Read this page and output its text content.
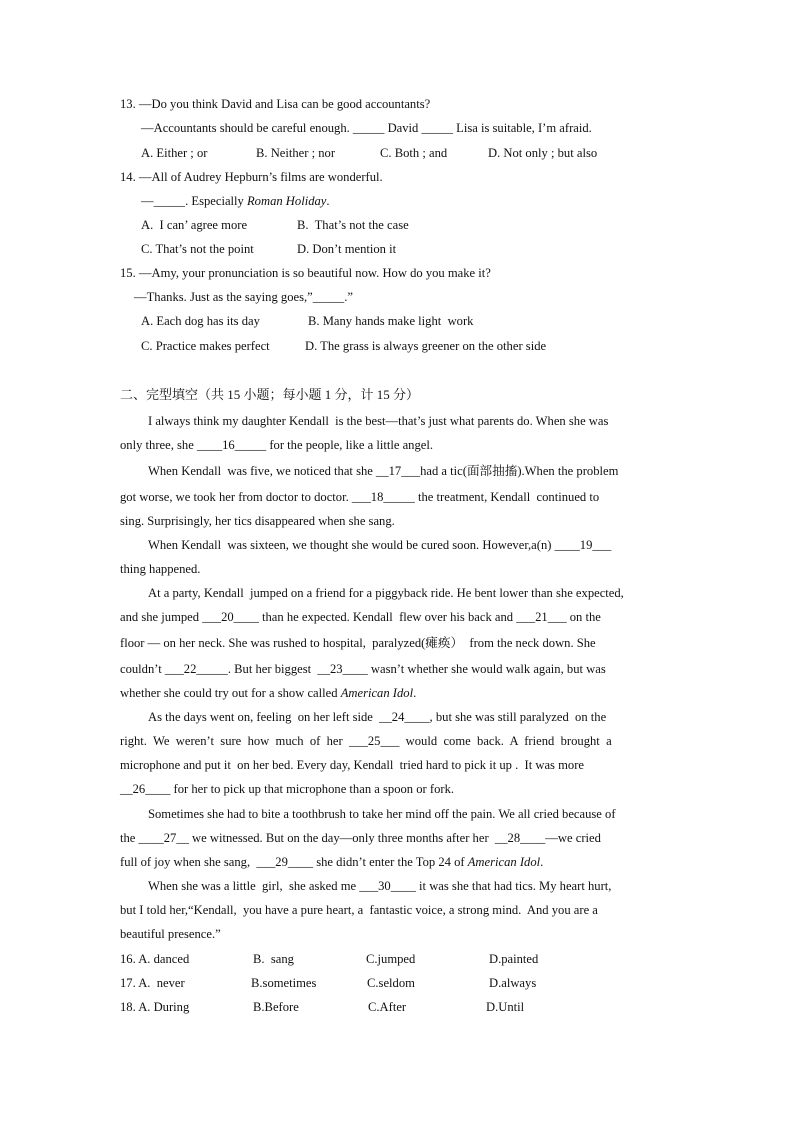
13. —Do you think David and Lisa can be good accountants?
—Accountants should be careful enough. _____ David _____ Lisa is suitable, I’m afraid.
A. Either ; or	B. Neither ; nor	C. Both ; and	D. Not only ; but also
14. —All of Audrey Hepburn’s films are wonderful.
—_____. Especially Roman Holiday.
A.  I can’ agree more	B.  That’s not the case
C. That’s not the point	D. Don’t mention it
15. —Amy, your pronunciation is so beautiful now. How do you make it?
—Thanks. Just as the saying goes,”_____.”
A. Each dog has its day	B. Many hands make light  work
C. Practice makes perfect	D. The grass is always greener on the other side
二、完型填空（共 15 小题；每小题 1 分，计 15 分）
I always think my daughter Kendall  is the best—that’s just what parents do. When she was
only three, she ____16_____ for the people, like a little angel.
When Kendall  was five, we noticed that she __17___had a tic(面部抽搐).When the problem
got worse, we took her from doctor to doctor. ___18_____ the treatment, Kendall  continued to
sing. Surprisingly, her tics disappeared when she sang.
When Kendall  was sixteen, we thought she would be cured soon. However,a(n) ____19___
thing happened.
At a party, Kendall  jumped on a friend for a piggyback ride. He bent lower than she expected,
and she jumped ___20____ than he expected. Kendall  flew over his back and ___21___ on the
floor — on her neck. She was rushed to hospital,  paralyzed(瘫痪）  from the neck down. She
couldn’t ___22_____. But her biggest  __23____ wasn’t whether she would walk again, but was
whether she could try out for a show called American Idol.
As the days went on, feeling  on her left side  __24____, but she was still paralyzed  on the
right.  We  weren’t  sure  how  much  of  her  ___25___  would  come  back.  A  friend  brought  a
microphone and put it  on her bed. Every day, Kendall  tried hard to pick it up .  It was more
__26____ for her to pick up that microphone than a spoon or fork.
Sometimes she had to bite a toothbrush to take her mind off the pain. We all cried because of
the ____27__ we witnessed. But on the day—only three months after her  __28____—we cried
full of joy when she sang,  ___29____ she didn’t enter the Top 24 of American Idol.
When she was a little  girl,  she asked me ___30____ it was she that had tics. My heart hurt,
but I told her,“Kendall,  you have a pure heart, a  fantastic voice, a strong mind.  And you are a
beautiful presence.”
16. A. danced	B.  sang	C.jumped	D.painted
17. A.  never	B.sometimes	C.seldom	D.always
18. A. During	B.Before	C.After	D.Until
